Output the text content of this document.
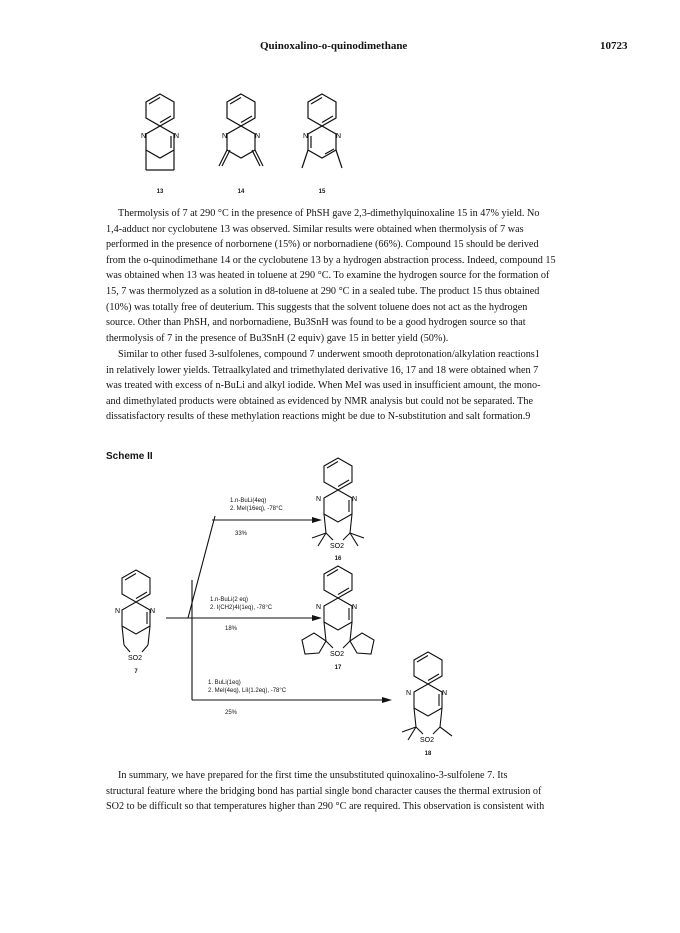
Quinoxalino-o-quinodimethane	10723
N	N
13
N	N
14
N	N
15

Thermolysis of 7 at 290 °C in the presence of PhSH gave 2,3-dimethylquinoxaline 15 in 47% yield. No
1,4-adduct nor cyclobutene 13 was observed. Similar results were obtained when thermolysis of 7 was
performed in the presence of norbornene (15%) or norbornadiene (66%). Compound 15 should be derived
from the o-quinodimethane 14 or the cyclobutene 13 by a hydrogen abstraction process. Indeed, compound 15
was obtained when 13 was heated in toluene at 290 °C. To examine the hydrogen source for the formation of
15, 7 was thermolyzed as a solution in d8-toluene at 290 °C in a sealed tube. The product 15 thus obtained
(10%) was totally free of deuterium. This suggests that the solvent toluene does not act as the hydrogen
source. Other than PhSH, and norbornadiene, Bu3SnH was found to be a good hydrogen source so that
thermolysis of 7 in the presence of Bu3SnH (2 equiv) gave 15 in better yield (50%).

Similar to other fused 3-sulfolenes, compound 7 underwent smooth deprotonation/alkylation reactions1
in relatively lower yields. Tetraalkylated and trimethylated derivative 16, 17 and 18 were obtained when 7
was treated with excess of n-BuLi and alkyl iodide. When MeI was used in insufficient amount, the mono-
and dimethylated products were obtained as evidenced by NMR analysis but could not be separated. The
dissatisfactory results of these methylation reactions might be due to N-substitution and salt formation.9

Scheme II
N	N
SO2
N	N
SO2
N	N
SO2
N	N
SO2
7
16
17
18
1.n-BuLi(4eq)
2. MeI(16eq), -78°C
33%
1.n-BuLi(2 eq)
2. I(CH2)4I(1eq), -78°C
18%
1. BuLi(1eq)
2. MeI(4eq), LiI(1.2eq), -78°C
25%

In summary, we have prepared for the first time the unsubstituted quinoxalino-3-sulfolene 7. Its
structural feature where the bridging bond has partial single bond character causes the thermal extrusion of
SO2 to be difficult so that temperatures higher than 290 °C are required. This observation is consistent with
